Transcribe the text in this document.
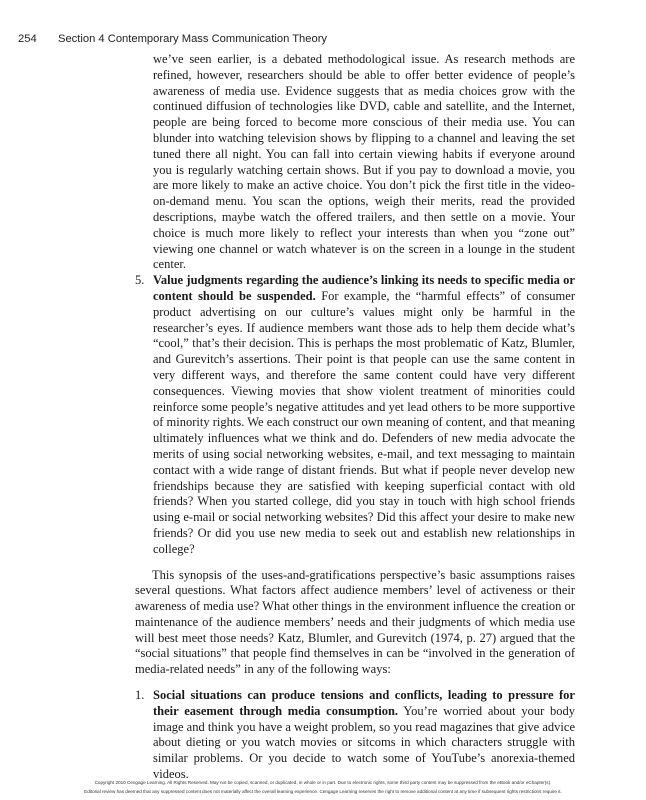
254 Section 4 Contemporary Mass Communication Theory
we’ve seen earlier, is a debated methodological issue. As research methods are refined, however, researchers should be able to offer better evidence of people’s awareness of media use. Evidence suggests that as media choices grow with the continued diffusion of technologies like DVD, cable and satellite, and the Internet, people are being forced to become more conscious of their media use. You can blunder into watching television shows by flipping to a channel and leaving the set tuned there all night. You can fall into certain viewing habits if everyone around you is regularly watching certain shows. But if you pay to download a movie, you are more likely to make an active choice. You don’t pick the first title in the video-on-demand menu. You scan the options, weigh their merits, read the provided descriptions, maybe watch the offered trailers, and then settle on a movie. Your choice is much more likely to reflect your interests than when you “zone out” viewing one channel or watch whatever is on the screen in a lounge in the student center.
5. Value judgments regarding the audience’s linking its needs to specific media or content should be suspended. For example, the “harmful effects” of consumer product advertising on our culture’s values might only be harmful in the researcher’s eyes. If audience members want those ads to help them decide what’s “cool,” that’s their decision. This is perhaps the most problematic of Katz, Blumler, and Gurevitch’s assertions. Their point is that people can use the same content in very different ways, and therefore the same content could have very different consequences. Viewing movies that show violent treatment of minorities could reinforce some people’s negative attitudes and yet lead others to be more supportive of minority rights. We each construct our own meaning of content, and that meaning ultimately influences what we think and do. Defenders of new media advocate the merits of using social networking websites, e-mail, and text messaging to maintain contact with a wide range of distant friends. But what if people never develop new friendships because they are satisfied with keeping superficial contact with old friends? When you started college, did you stay in touch with high school friends using e-mail or social networking websites? Did this affect your desire to make new friends? Or did you use new media to seek out and establish new relationships in college?

This synopsis of the uses-and-gratifications perspective’s basic assumptions raises several questions. What factors affect audience members’ level of activeness or their awareness of media use? What other things in the environment influence the creation or maintenance of the audience members’ needs and their judgments of which media use will best meet those needs? Katz, Blumler, and Gurevitch (1974, p. 27) argued that the “social situations” that people find themselves in can be “involved in the generation of media-related needs” in any of the following ways:

1. Social situations can produce tensions and conflicts, leading to pressure for their easement through media consumption. You’re worried about your body image and think you have a weight problem, so you read magazines that give advice about dieting or you watch movies or sitcoms in which characters struggle with similar problems. Or you decide to watch some of YouTube’s anorexia-themed videos.
Copyright 2010 Cengage Learning. All Rights Reserved. May not be copied, scanned, or duplicated, in whole or in part. Due to electronic rights, some third party content may be suppressed from the eBook and/or eChapter(s).
Editorial review has deemed that any suppressed content does not materially affect the overall learning experience. Cengage Learning reserves the right to remove additional content at any time if subsequent rights restrictions require it.
